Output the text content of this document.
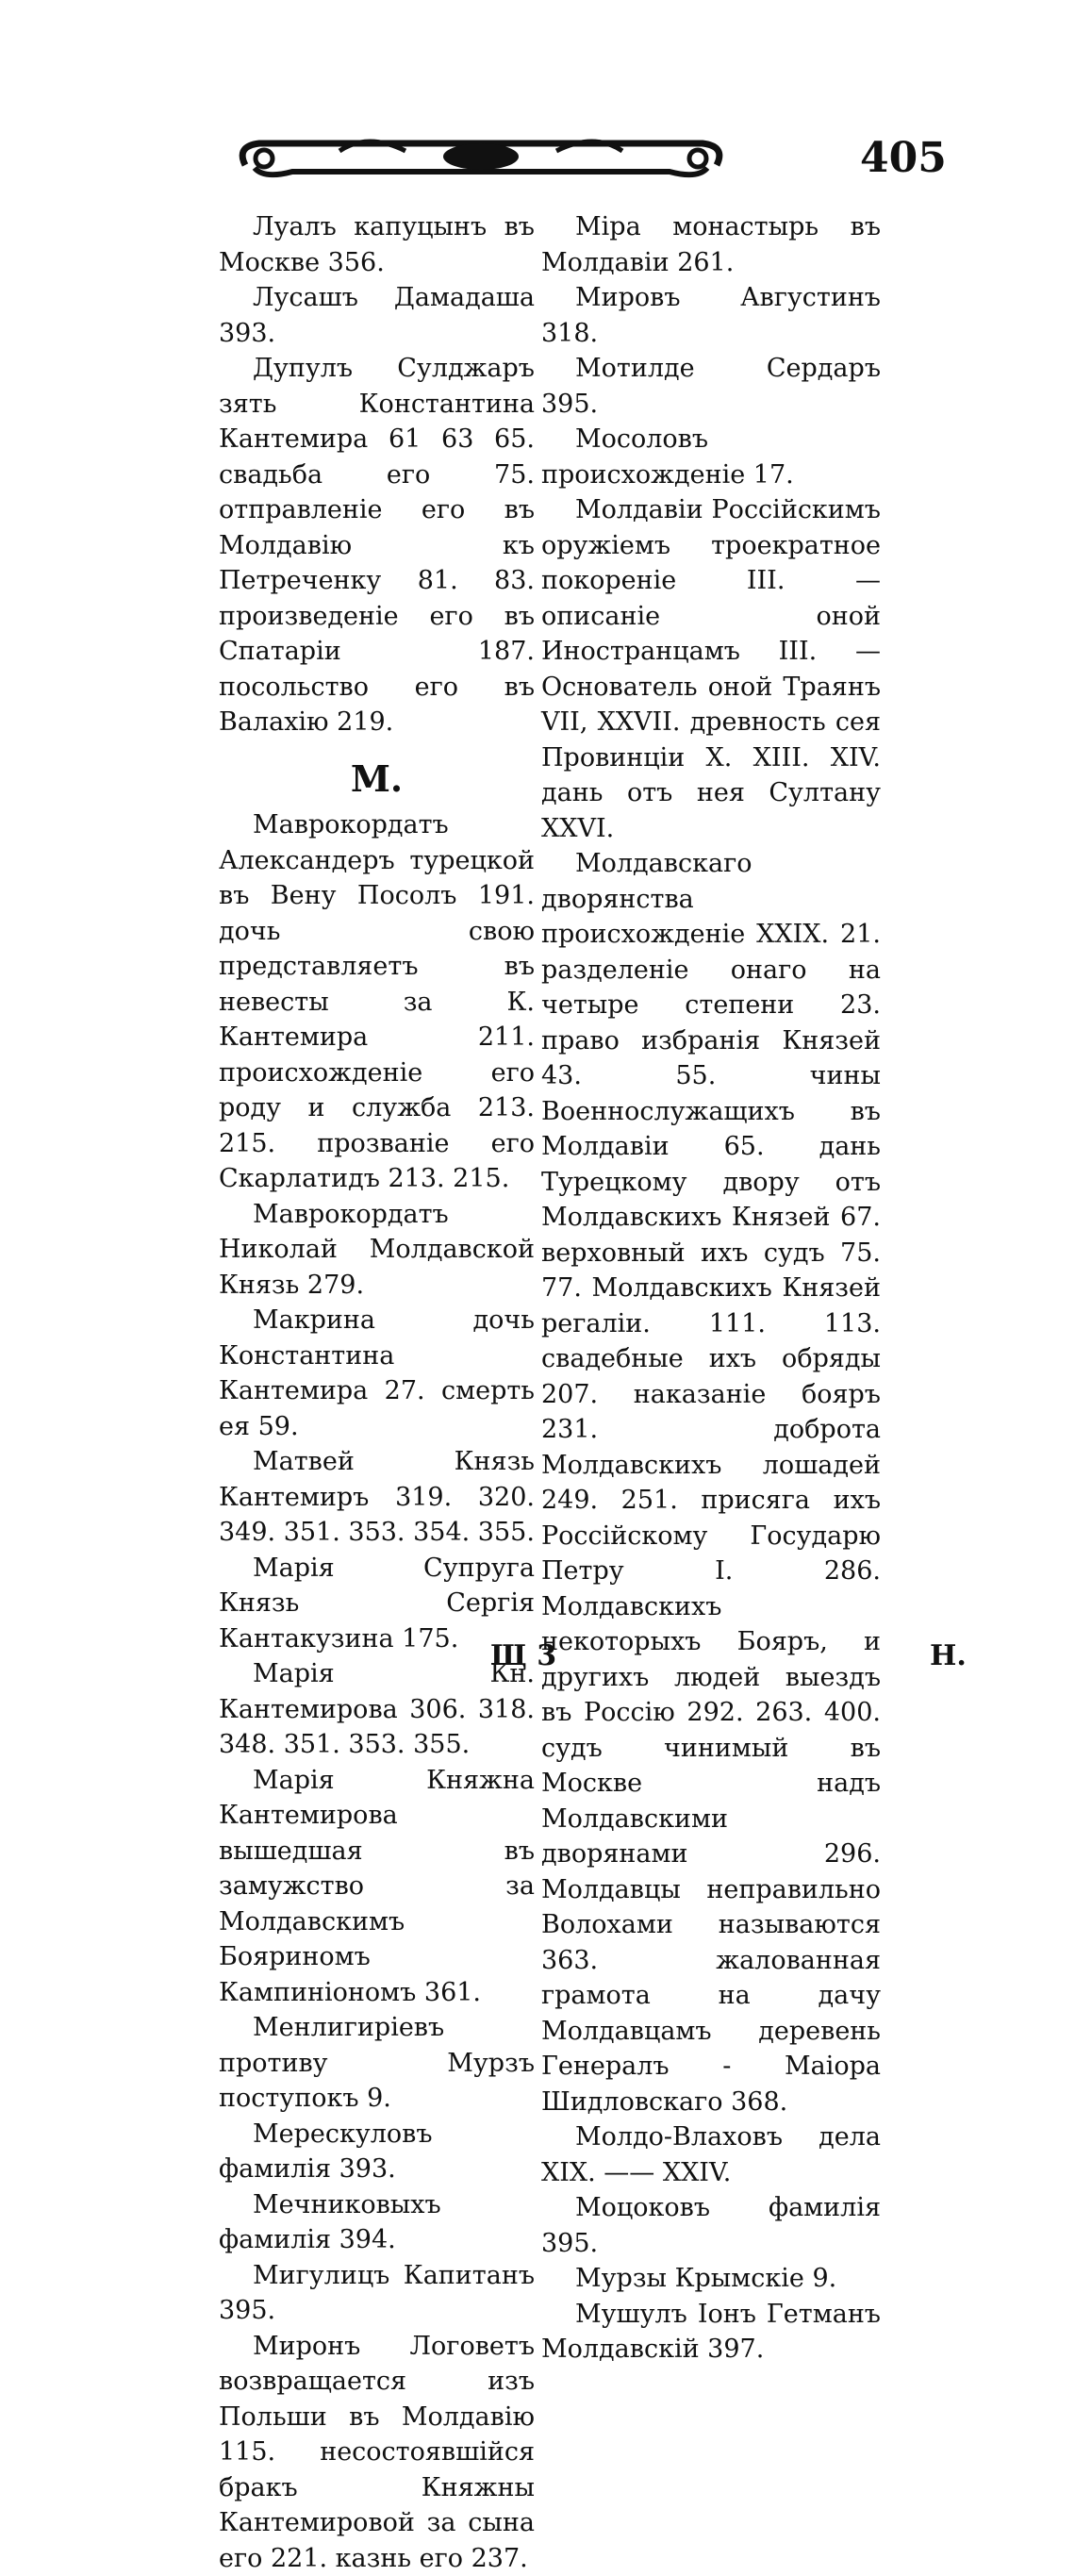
405

Луалъ капуцынъ въ Москве 356.

Лусашъ Дамадаша 393.

Дупулъ Сулджаръ зять Константина Кантемира 61 63 65. свадьба его 75. отправленіе его въ Молдавію къ Петреченку 81. 83. произведеніе его въ Спатаріи 187. посольство его въ Валахію 219.

M.

Маврокордатъ Александеръ турецкой въ Вену Посолъ 191. дочь свою представляетъ въ невесты за К. Кантемира 211. происхожденіе его роду и служба 213. 215. прозваніе его Скарлатидъ 213. 215.

Маврокордатъ Николай Молдавской Князь 279.

Макрина дочь Константина Кантемира 27. смерть ея 59.

Матвей Князь Кантемиръ 319. 320. 349. 351. 353. 354. 355.

Марія Супруга Князь Сергія Кантакузина 175.

Марія Кн. Кантемирова 306. 318. 348. 351. 353. 355.

Марія Княжна Кантемирова вышедшая въ замужство за Молдавскимъ Бояриномъ Кампиніономъ 361.

Менлигиріевъ противу Мурзъ поступокъ 9.

Мерескуловъ фамилія 393.

Мечниковыхъ фамилія 394.

Мигулицъ Капитанъ 395.

Миронъ Логоветъ возвращается изъ Польши въ Молдавію 115. несостоявшійся бракъ Княжны Кантемировой за сына его 221. казнь его 237.

Міра монастырь въ Молдавіи 261.

Мировъ Августинъ 318.

Мотилде Сердаръ 395.

Мосоловъ происхожденіе 17.

Молдавіи Россійскимъ оружіемъ троекратное покореніе III. — описаніе оной Иностранцамъ III. — Основатель оной Траянъ VII, XXVII. древность сея Провинціи X. XIII. XIV. дань отъ нея Султану XXVI.

Молдавскаго дворянства происхожденіе XXIX. 21. разделеніе онаго на четыре степени 23. право избранія Князей 43. 55. чины Военнослужащихъ въ Молдавіи 65. дань Турецкому двору отъ Молдавскихъ Князей 67. верховный ихъ судъ 75. 77. Молдавскихъ Князей регаліи. 111. 113. свадебные ихъ обряды 207. наказаніе бояръ 231. доброта Молдавскихъ лошадей 249. 251. присяга ихъ Россійскому Государю Петру I. 286. Молдавскихъ некоторыхъ Бояръ, и другихъ людей выездъ въ Россію 292. 263. 400. судъ чинимый въ Москве надъ Молдавскими дворянами 296. Молдавцы неправильно Волохами называются 363. жалованная грамота на дачу Молдавцамъ деревень Генералъ - Маіора Шидловскаго 368.

Молдо-Влаховъ дела XIX. —— XXIV.

Моцоковъ фамилія 395.

Мурзы Крымскіе 9.

Мушулъ Іонъ Гетманъ Молдавскій 397.

Щ 3	Н.
